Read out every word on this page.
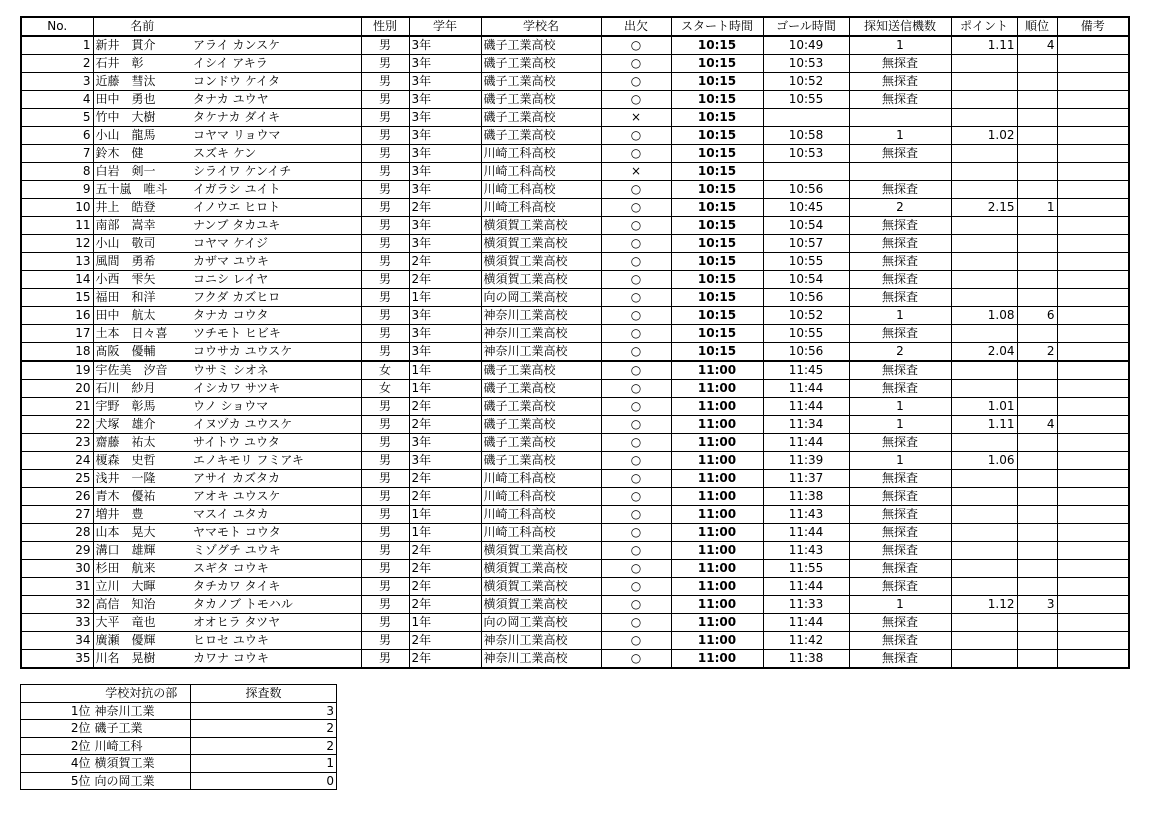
No.	名前		性別	学年	学校名	出欠	スタート時間	ゴール時間	探知送信機数	ポイント	順位	備考
1	新井　貫介	アライ カンスケ	男	3年	磯子工業高校	○	10:15	10:49	1	1.11	4	
2	石井　彰	イシイ アキラ	男	3年	磯子工業高校	○	10:15	10:53	無探査			
3	近藤　彗汰	コンドウ ケイタ	男	3年	磯子工業高校	○	10:15	10:52	無探査			
4	田中　勇也	タナカ ユウヤ	男	3年	磯子工業高校	○	10:15	10:55	無探査			
5	竹中　大樹	タケナカ ダイキ	男	3年	磯子工業高校	×	10:15					
6	小山　龍馬	コヤマ リョウマ	男	3年	磯子工業高校	○	10:15	10:58	1	1.02		
7	鈴木　健	スズキ ケン	男	3年	川崎工科高校	○	10:15	10:53	無探査			
8	白岩　剣一	シライワ ケンイチ	男	3年	川崎工科高校	×	10:15					
9	五十嵐　唯斗	イガラシ ユイト	男	3年	川崎工科高校	○	10:15	10:56	無探査			
10	井上　皓登	イノウエ ヒロト	男	2年	川崎工科高校	○	10:15	10:45	2	2.15	1	
11	南部　嵩幸	ナンブ タカユキ	男	3年	横須賀工業高校	○	10:15	10:54	無探査			
12	小山　敬司	コヤマ ケイジ	男	3年	横須賀工業高校	○	10:15	10:57	無探査			
13	風間　勇希	カザマ ユウキ	男	2年	横須賀工業高校	○	10:15	10:55	無探査			
14	小西　雫矢	コニシ レイヤ	男	2年	横須賀工業高校	○	10:15	10:54	無探査			
15	福田　和洋	フクダ カズヒロ	男	1年	向の岡工業高校	○	10:15	10:56	無探査			
16	田中　航太	タナカ コウタ	男	3年	神奈川工業高校	○	10:15	10:52	1	1.08	6	
17	土本　日々喜	ツチモト ヒビキ	男	3年	神奈川工業高校	○	10:15	10:55	無探査			
18	髙阪　優輔	コウサカ ユウスケ	男	3年	神奈川工業高校	○	10:15	10:56	2	2.04	2	
19	宇佐美　汐音	ウサミ シオネ	女	1年	磯子工業高校	○	11:00	11:45	無探査			
20	石川　紗月	イシカワ サツキ	女	1年	磯子工業高校	○	11:00	11:44	無探査			
21	宇野　彰馬	ウノ ショウマ	男	2年	磯子工業高校	○	11:00	11:44	1	1.01		
22	犬塚　雄介	イヌヅカ ユウスケ	男	2年	磯子工業高校	○	11:00	11:34	1	1.11	4	
23	齋藤　祐太	サイトウ ユウタ	男	3年	磯子工業高校	○	11:00	11:44	無探査			
24	榎森　史哲	エノキモリ フミアキ	男	3年	磯子工業高校	○	11:00	11:39	1	1.06		
25	浅井　一隆	アサイ カズタカ	男	2年	川崎工科高校	○	11:00	11:37	無探査			
26	青木　優祐	アオキ ユウスケ	男	2年	川崎工科高校	○	11:00	11:38	無探査			
27	増井　豊	マスイ ユタカ	男	1年	川崎工科高校	○	11:00	11:43	無探査			
28	山本　晃大	ヤマモト コウタ	男	1年	川崎工科高校	○	11:00	11:44	無探査			
29	溝口　雄輝	ミゾグチ ユウキ	男	2年	横須賀工業高校	○	11:00	11:43	無探査			
30	杉田　航来	スギタ コウキ	男	2年	横須賀工業高校	○	11:00	11:55	無探査			
31	立川　大暉	タチカワ タイキ	男	2年	横須賀工業高校	○	11:00	11:44	無探査			
32	高信　知治	タカノブ トモハル	男	2年	横須賀工業高校	○	11:00	11:33	1	1.12	3	
33	大平　竜也	オオヒラ タツヤ	男	1年	向の岡工業高校	○	11:00	11:44	無探査			
34	廣瀬　優輝	ヒロセ ユウキ	男	2年	神奈川工業高校	○	11:00	11:42	無探査			
35	川名　晃樹	カワナ コウキ	男	2年	神奈川工業高校	○	11:00	11:38	無探査			
	学校対抗の部	探査数
1位	神奈川工業	3
2位	磯子工業	2
2位	川崎工科	2
4位	横須賀工業	1
5位	向の岡工業	0
